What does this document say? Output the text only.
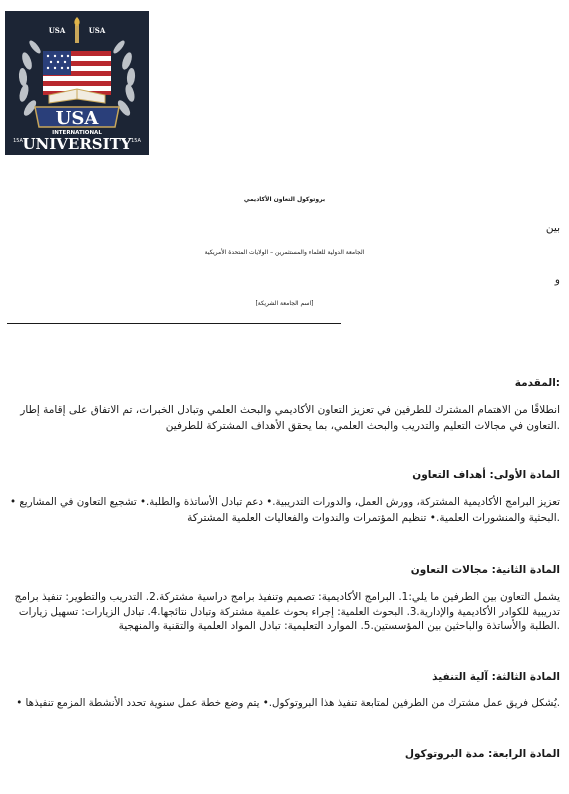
USA
USA	USA
INTERNATIONAL
UNIVERSITY
15A	15A
بروتوكول التعاون الأكاديمي
بين
الجامعة الدولية للعلماء والمستثمرين – الولايات المتحدة الأمريكية
و
[اسم الجامعة الشريكة]
:المقدمة
انطلاقًا من الاهتمام المشترك للطرفين في تعزيز التعاون الأكاديمي والبحث العلمي وتبادل الخبرات، تم الاتفاق على إقامة إطار
.التعاون في مجالات التعليم والتدريب والبحث العلمي، بما يحقق الأهداف المشتركة للطرفين
المادة الأولى: أهداف التعاون
تعزيز البرامج الأكاديمية المشتركة، وورش العمل، والدورات التدريبية.• دعم تبادل الأساتذة والطلبة.• تشجيع التعاون في المشاريع •
.البحثية والمنشورات العلمية.• تنظيم المؤتمرات والندوات والفعاليات العلمية المشتركة
المادة الثانية: مجالات التعاون
يشمل التعاون بين الطرفين ما يلي:1. البرامج الأكاديمية: تصميم وتنفيذ برامج دراسية مشتركة.2. التدريب والتطوير: تنفيذ برامج
تدريبية للكوادر الأكاديمية والإدارية.3. البحوث العلمية: إجراء بحوث علمية مشتركة وتبادل نتائجها.4. تبادل الزيارات: تسهيل زيارات
.الطلبة والأساتذة والباحثين بين المؤسستين.5. الموارد التعليمية: تبادل المواد العلمية والتقنية والمنهجية
المادة الثالثة: آلية التنفيذ
.يُشكل فريق عمل مشترك من الطرفين لمتابعة تنفيذ هذا البروتوكول.• يتم وضع خطة عمل سنوية تحدد الأنشطة المزمع تنفيذها •
المادة الرابعة: مدة البروتوكول
